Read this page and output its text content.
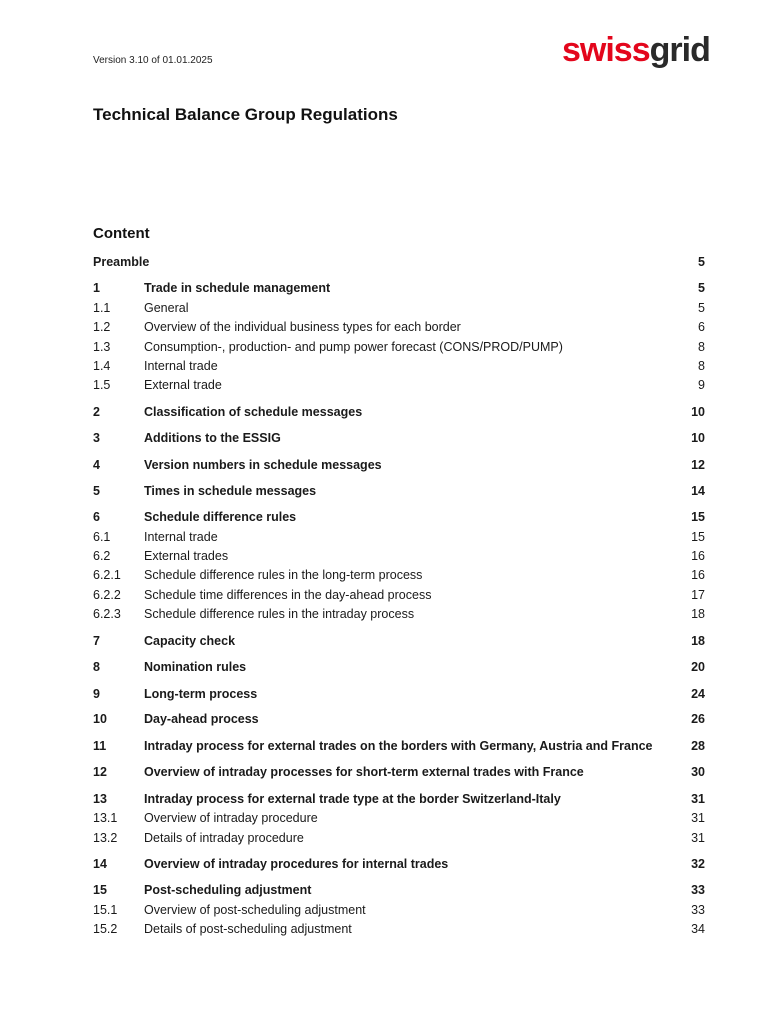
Version 3.10 of 01.01.2025	swissgrid
Technical Balance Group Regulations
Content
Preamble	5
1	Trade in schedule management	5
1.1	General	5
1.2	Overview of the individual business types for each border	6
1.3	Consumption-, production- and pump power forecast (CONS/PROD/PUMP)	8
1.4	Internal trade	8
1.5	External trade	9
2	Classification of schedule messages	10
3	Additions to the ESSIG	10
4	Version numbers in schedule messages	12
5	Times in schedule messages	14
6	Schedule difference rules	15
6.1	Internal trade	15
6.2	External trades	16
6.2.1 Schedule difference rules in the long-term process	16
6.2.2 Schedule time differences in the day-ahead process	17
6.2.3 Schedule difference rules in the intraday process	18
7	Capacity check	18
8	Nomination rules	20
9	Long-term process	24
10	Day-ahead process	26
11	Intraday process for external trades on the borders with Germany, Austria and France	28
12	Overview of intraday processes for short-term external trades with France	30
13	Intraday process for external trade type at the border Switzerland-Italy	31
13.1 Overview of intraday procedure	31
13.2 Details of intraday procedure	31
14	Overview of intraday procedures for internal trades	32
15	Post-scheduling adjustment	33
15.1 Overview of post-scheduling adjustment	33
15.2 Details of post-scheduling adjustment	34
